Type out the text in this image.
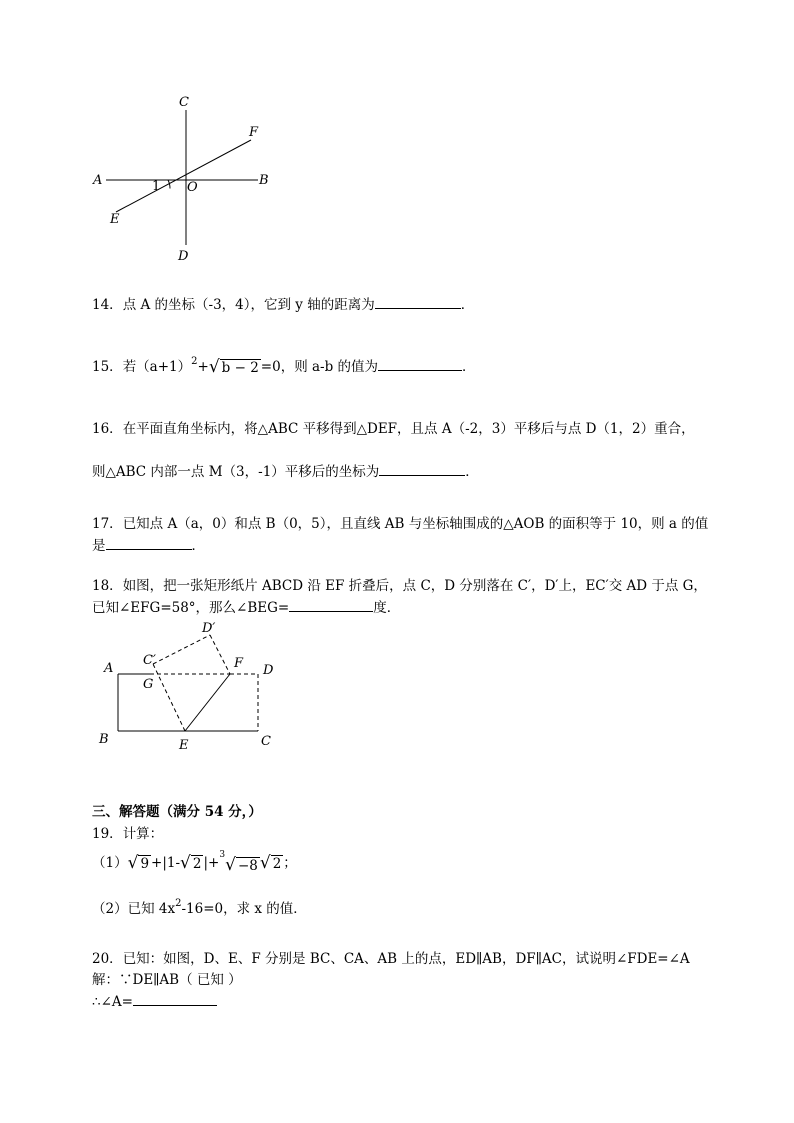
C
F
A	B
1 O
E
D
14．点 A 的坐标（-3，4），它到 y 轴的距离为	．
15．若$(a+1)^2+$ √ b − 2 =0，则 a-b 的值为	．
16．在平面直角坐标内，将△ABC 平移得到△DEF，且点 A（-2，3）平移后与点 D（1，2）重合，
则△ABC 内部一点 M（3，-1）平移后的坐标为	．
17．已知点 A（a，0）和点 B（0，5），且直线 AB 与坐标轴围成的△AOB 的面积等于 10，则 a 的值
是	．
18．如图，把一张矩形纸片 ABCD 沿 EF 折叠后，点 C，D 分别落在 C′，D′上，EC′交 AD 于点 G，
已知∠EFG=58°，那么∠BEG=	度．
D′
C′
A
G
F D
B	E	C
三、解答题（满分 54 分，）
19．计算：
（1） √ 9 +|1- √ 2 |+
3 √ −8 √ 2 ；
（2）已知 $4x^2-16=0$，求 x 的值．
20．已知：如图，D、E、F 分别是 BC、CA、AB 上的点，ED∥AB，DF∥AC，试说明∠FDE=∠A
解：∵DE∥AB（ 已知 ）
∴∠A=
